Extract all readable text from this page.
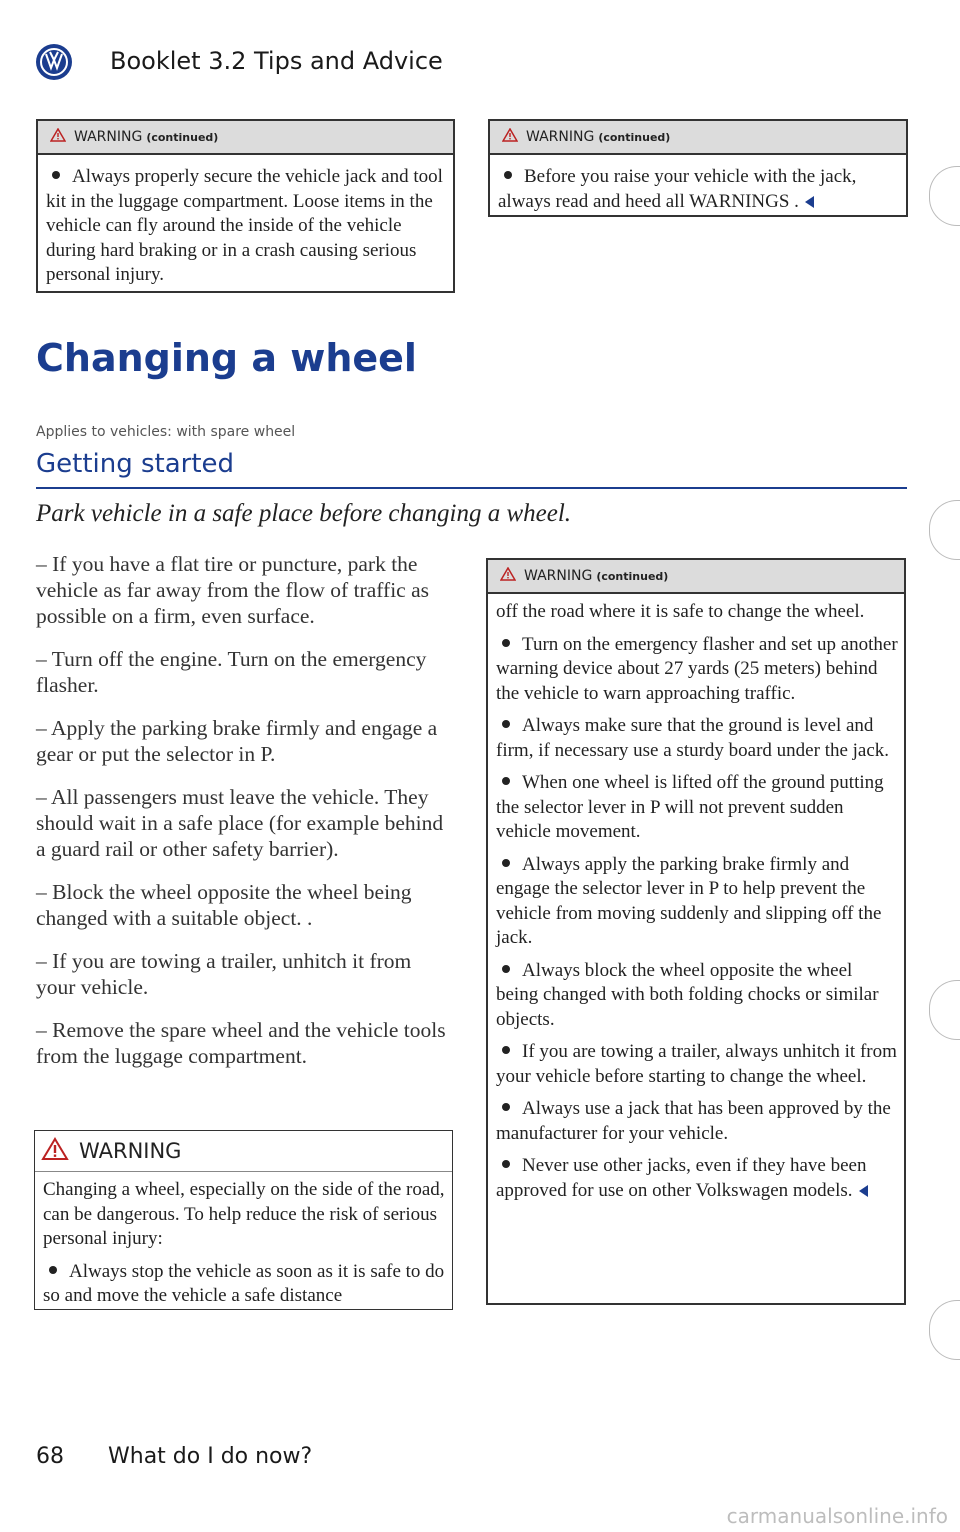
Booklet 3.2 Tips and Advice
WARNING (continued)

Always properly secure the vehicle jack and tool kit in the luggage compartment. Loose items in the vehicle can fly around the inside of the vehicle during hard braking or in a crash causing serious personal injury.

WARNING (continued)

Before you raise your vehicle with the jack, always read and heed all WARNINGS .

Changing a wheel
Applies to vehicles: with spare wheel
Getting started
Park vehicle in a safe place before changing a wheel.

– If you have a flat tire or puncture, park the vehicle as far away from the flow of traffic as possible on a firm, even surface.

– Turn off the engine. Turn on the emergency flasher.

– Apply the parking brake firmly and engage a gear or put the selector in P.

– All passengers must leave the vehicle. They should wait in a safe place (for example behind a guard rail or other safety barrier).

– Block the wheel opposite the wheel being changed with a suitable object. .

– If you are towing a trailer, unhitch it from your vehicle.

– Remove the spare wheel and the vehicle tools from the luggage compartment.

WARNING

Changing a wheel, especially on the side of the road, can be dangerous. To help reduce the risk of serious personal injury:

Always stop the vehicle as soon as it is safe to do so and move the vehicle a safe distance

WARNING (continued)

off the road where it is safe to change the wheel.

Turn on the emergency flasher and set up another warning device about 27 yards (25 meters) behind the vehicle to warn approaching traffic.

Always make sure that the ground is level and firm, if necessary use a sturdy board under the jack.

When one wheel is lifted off the ground putting the selector lever in P will not prevent sudden vehicle movement.

Always apply the parking brake firmly and engage the selector lever in P to help prevent the vehicle from moving suddenly and slipping off the jack.

Always block the wheel opposite the wheel being changed with both folding chocks or similar objects.

If you are towing a trailer, always unhitch it from your vehicle before starting to change the wheel.

Always use a jack that has been approved by the manufacturer for your vehicle.

Never use other jacks, even if they have been approved for use on other Volkswagen models.

68 What do I do now?
carmanualsonline.info
